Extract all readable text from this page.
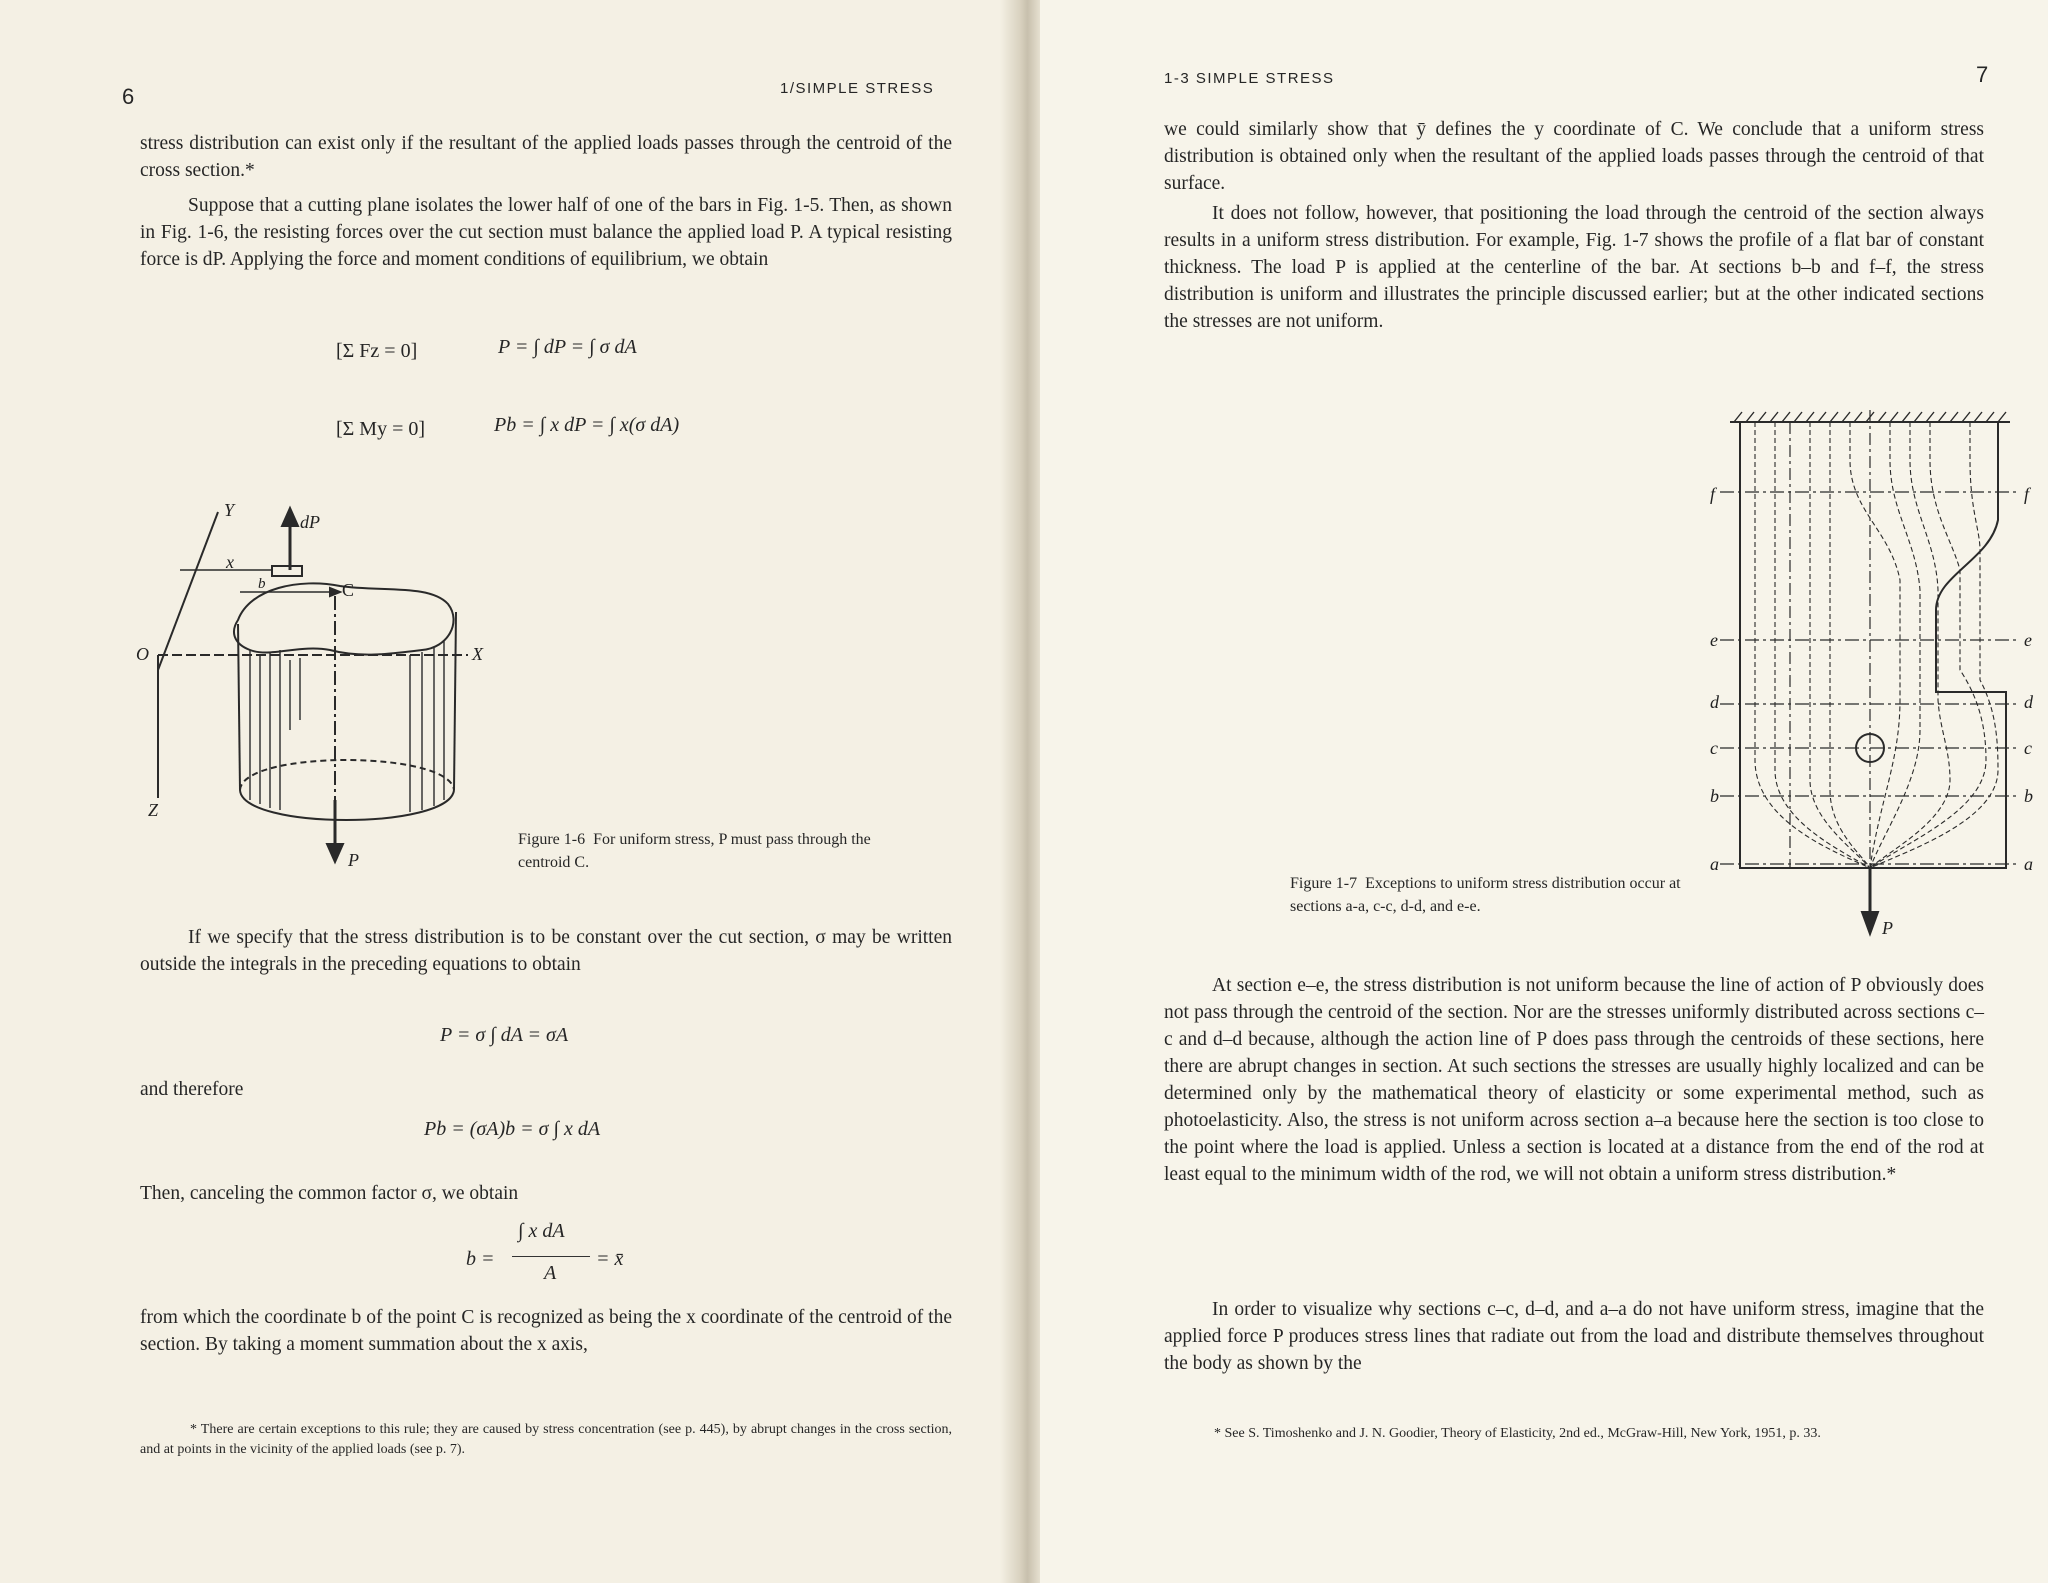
6	1/SIMPLE STRESS

stress distribution can exist only if the resultant of the applied loads passes through the centroid of the cross section.*

Suppose that a cutting plane isolates the lower half of one of the bars in Fig. 1-5. Then, as shown in Fig. 1-6, the resisting forces over the cut section must balance the applied load P. A typical resisting force is dP. Applying the force and moment conditions of equilibrium, we obtain

[Σ Fz = 0]	P = ∫ dP = ∫ σ dA
[Σ My = 0]	Pb = ∫ x dP = ∫ x(σ dA)
Y
x
dP
b	C
O	X
Z
P
Figure 1-6 For uniform stress, P must pass through the centroid C.

If we specify that the stress distribution is to be constant over the cut section, σ may be written outside the integrals in the preceding equations to obtain

P = σ ∫ dA = σA

and therefore

Pb = (σA)b = σ ∫ x dA

Then, canceling the common factor σ, we obtain

b =
∫ x dA
A
= x̄

from which the coordinate b of the point C is recognized as being the x coordinate of the centroid of the section. By taking a moment summation about the x axis,

* There are certain exceptions to this rule; they are caused by stress concentration (see p. 445), by abrupt changes in the cross section, and at points in the vicinity of the applied loads (see p. 7).

1-3 SIMPLE STRESS	7

we could similarly show that ȳ defines the y coordinate of C. We conclude that a uniform stress distribution is obtained only when the resultant of the applied loads passes through the centroid of that surface.

It does not follow, however, that positioning the load through the centroid of the section always results in a uniform stress distribution. For example, Fig. 1-7 shows the profile of a flat bar of constant thickness. The load P is applied at the centerline of the bar. At sections b–b and f–f, the stress distribution is uniform and illustrates the principle discussed earlier; but at the other indicated sections the stresses are not uniform.

f	f
e	e
d	d
c	c
b	b
a	a
P
Figure 1-7 Exceptions to uniform stress distribution occur at sections a-a, c-c, d-d, and e-e.

At section e–e, the stress distribution is not uniform because the line of action of P obviously does not pass through the centroid of the section. Nor are the stresses uniformly distributed across sections c–c and d–d because, although the action line of P does pass through the centroids of these sections, here there are abrupt changes in section. At such sections the stresses are usually highly localized and can be determined only by the mathematical theory of elasticity or some experimental method, such as photoelasticity. Also, the stress is not uniform across section a–a because here the section is too close to the point where the load is applied. Unless a section is located at a distance from the end of the rod at least equal to the minimum width of the rod, we will not obtain a uniform stress distribution.*

In order to visualize why sections c–c, d–d, and a–a do not have uniform stress, imagine that the applied force P produces stress lines that radiate out from the load and distribute themselves throughout the body as shown by the

* See S. Timoshenko and J. N. Goodier, Theory of Elasticity, 2nd ed., McGraw-Hill, New York, 1951, p. 33.
